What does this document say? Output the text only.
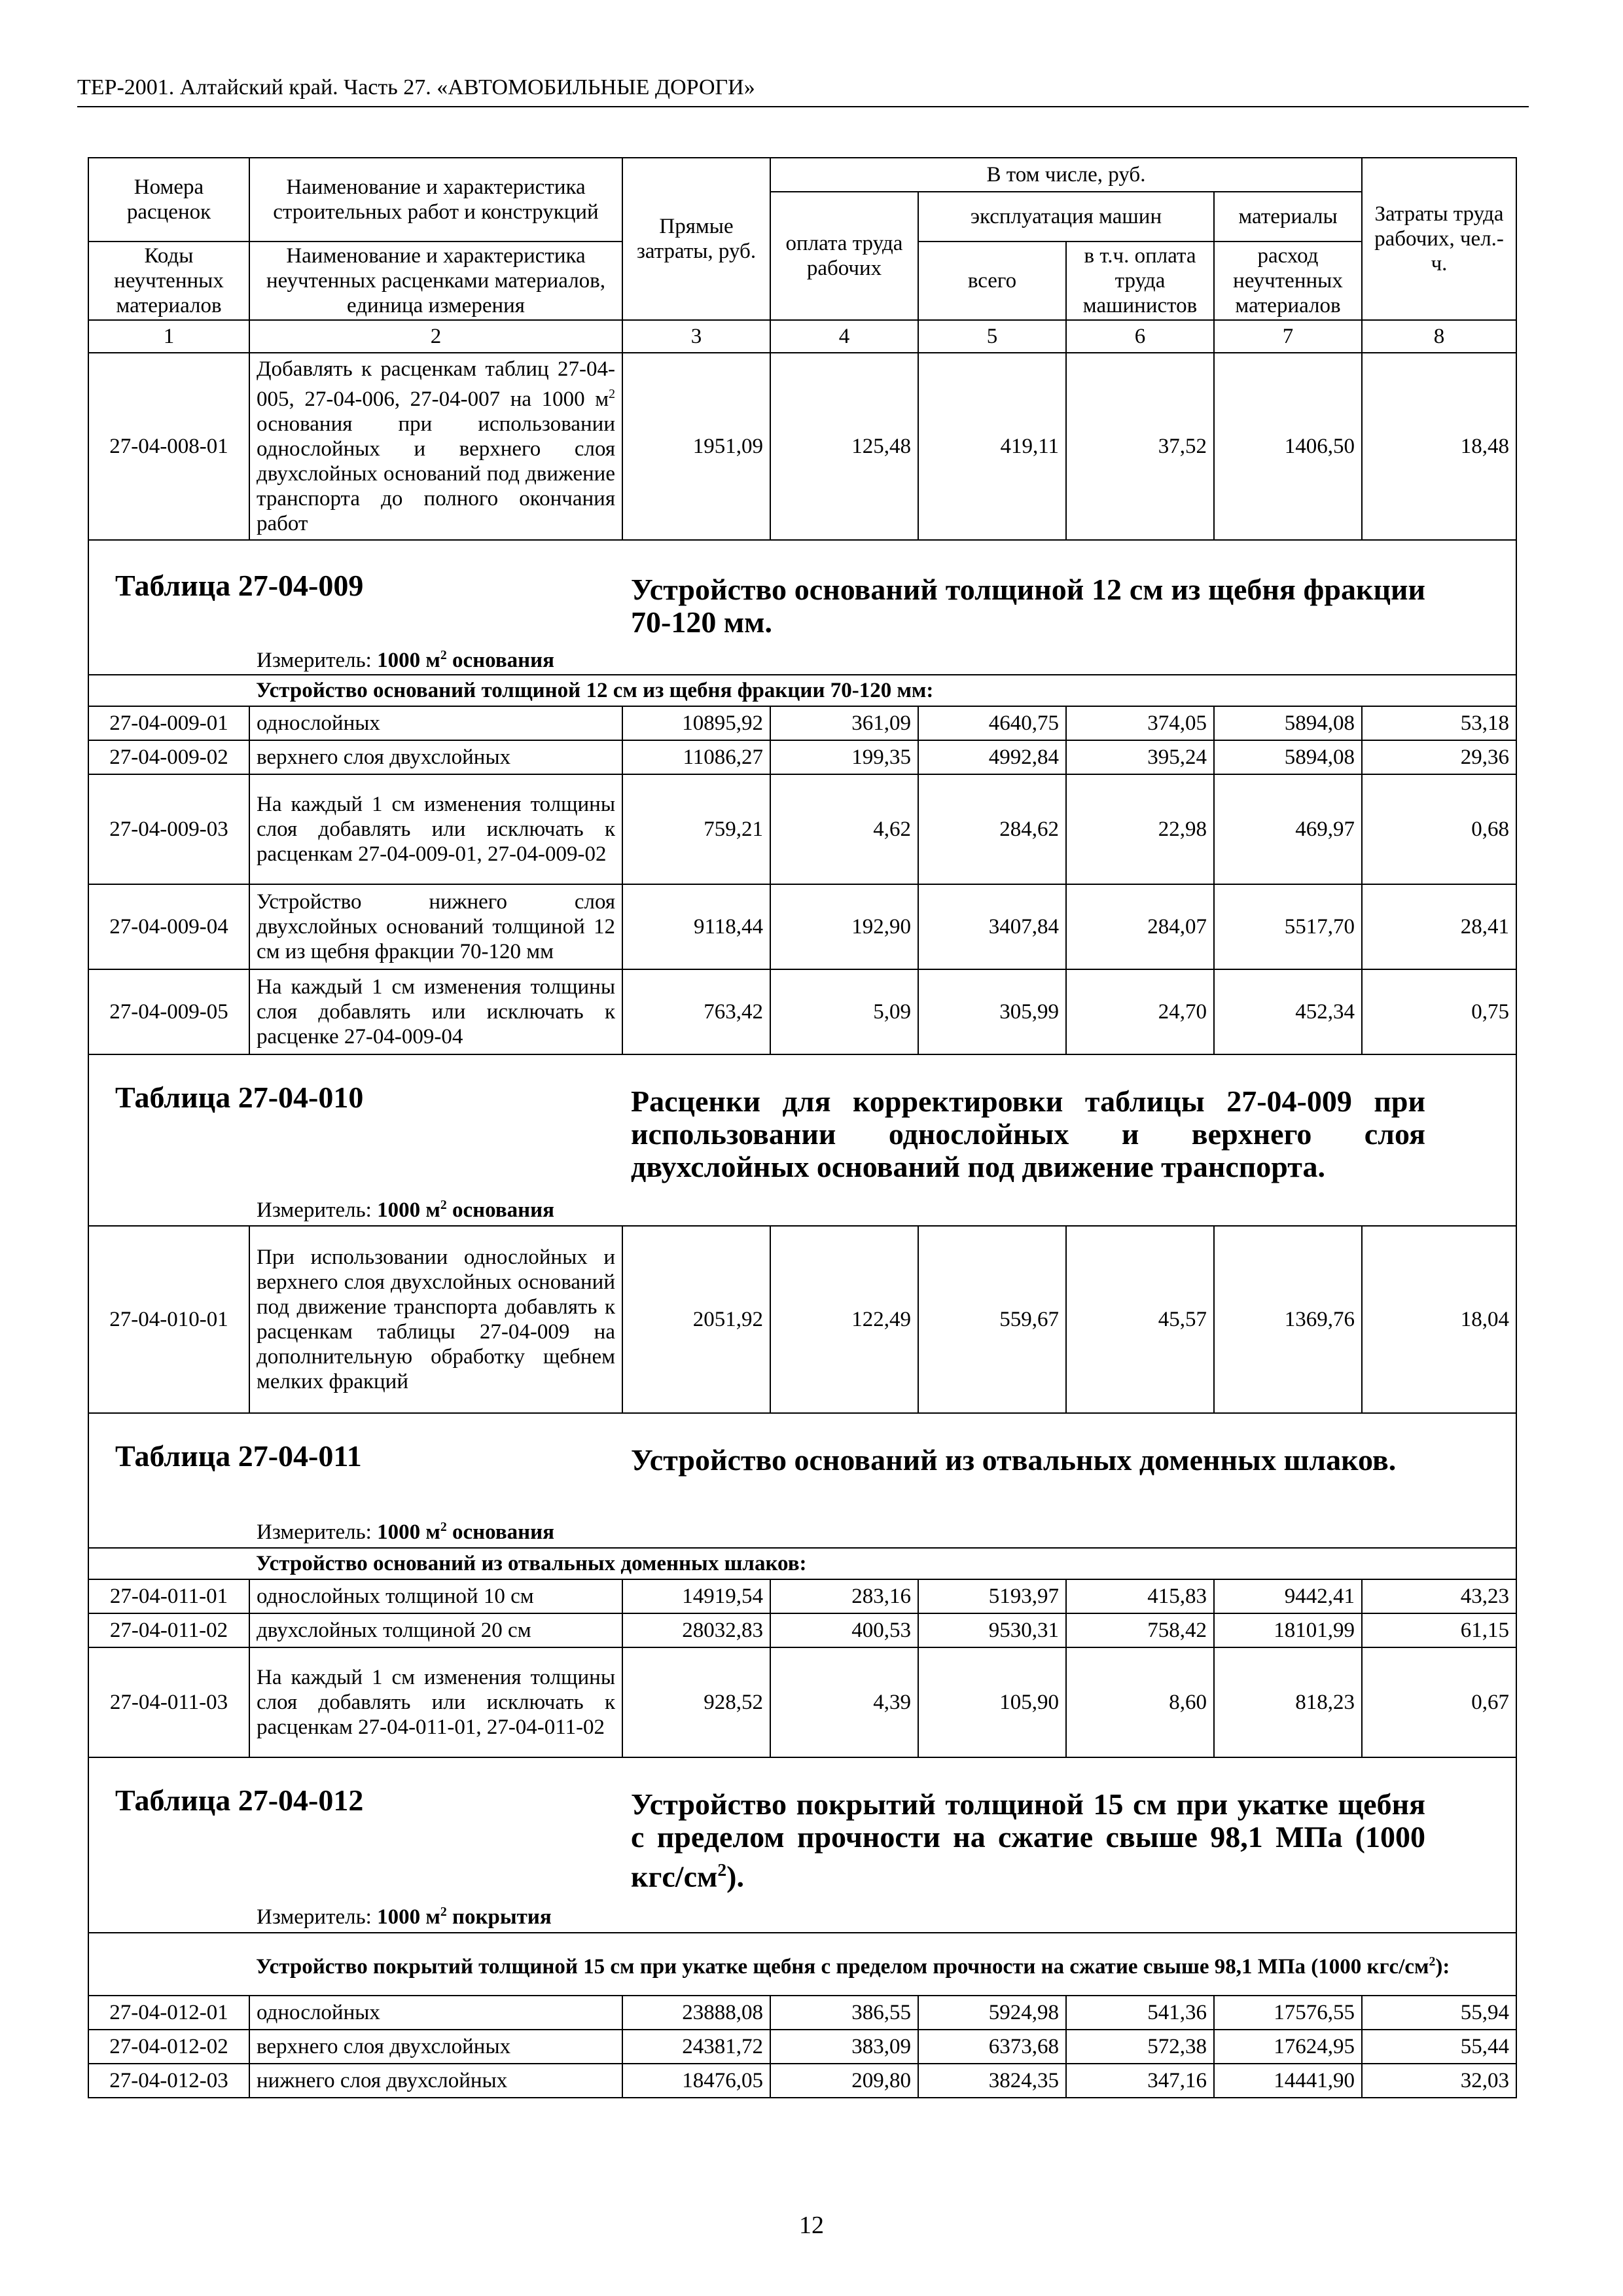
ТЕР-2001. Алтайский край. Часть 27. «АВТОМОБИЛЬНЫЕ ДОРОГИ»
Номера расценок	Наименование и характеристика строительных работ и конструкций	Прямые затраты, руб.	В том числе, руб.				Затраты труда рабочих, чел.-ч.
			оплата труда рабочих	эксплуатация машин		материалы	
Коды неучтенных материалов	Наименование и характеристика неучтенных расценками материалов, единица измерения			всего	в т.ч. оплата труда машинистов	расход неучтенных материалов	
1	2	3	4	5	6	7	8
27-04-008-01	Добавлять к расценкам таблиц 27-04-005, 27-04-006, 27-04-007 на 1000 $м^2$ основания при использовании однослойных и верхнего слоя двухслойных оснований под движение транспорта до полного окончания работ	1951,09	125,48	419,11	37,52	1406,50	18,48

Таблица 27-04-009 Устройство оснований толщиной 12 см из щебня фракции 70-120 мм.
Измеритель: 1000 $м^2$ основания							

	Устройство оснований толщиной 12 см из щебня фракции 70-120 мм:						
27-04-009-01	однослойных	10895,92	361,09	4640,75	374,05	5894,08	53,18
27-04-009-02	верхнего слоя двухслойных	11086,27	199,35	4992,84	395,24	5894,08	29,36
27-04-009-03	На каждый 1 см изменения толщины слоя добавлять или исключать к расценкам 27-04-009-01, 27-04-009-02	759,21	4,62	284,62	22,98	469,97	0,68
27-04-009-04	Устройство нижнего слоя двухслойных оснований толщиной 12 см из щебня фракции 70-120 мм	9118,44	192,90	3407,84	284,07	5517,70	28,41
27-04-009-05	На каждый 1 см изменения толщины слоя добавлять или исключать к расценке 27-04-009-04	763,42	5,09	305,99	24,70	452,34	0,75

Таблица 27-04-010 Расценки для корректировки таблицы 27-04-009 при использовании однослойных и верхнего слоя двухслойных оснований под движение транспорта.
Измеритель: 1000 $м^2$ основания							

27-04-010-01	При использовании однослойных и верхнего слоя двухслойных оснований под движение транспорта добавлять к расценкам таблицы 27-04-009 на дополнительную обработку щебнем мелких фракций	2051,92	122,49	559,67	45,57	1369,76	18,04

Таблица 27-04-011 Устройство оснований из отвальных доменных шлаков.
Измеритель: 1000 $м^2$ основания							

	Устройство оснований из отвальных доменных шлаков:						
27-04-011-01	однослойных толщиной 10 см	14919,54	283,16	5193,97	415,83	9442,41	43,23
27-04-011-02	двухслойных толщиной 20 см	28032,83	400,53	9530,31	758,42	18101,99	61,15
27-04-011-03	На каждый 1 см изменения толщины слоя добавлять или исключать к расценкам 27-04-011-01, 27-04-011-02	928,52	4,39	105,90	8,60	818,23	0,67

Таблица 27-04-012 Устройство покрытий толщиной 15 см при укатке щебня с пределом прочности на сжатие свыше 98,1 МПа (1000 кгс/$см^2$).
Измеритель: 1000 $м^2$ покрытия							

	Устройство покрытий толщиной 15 см при укатке щебня с пределом прочности на сжатие свыше 98,1 МПа (1000 кгс/$см^2$):						
27-04-012-01	однослойных	23888,08	386,55	5924,98	541,36	17576,55	55,94
27-04-012-02	верхнего слоя двухслойных	24381,72	383,09	6373,68	572,38	17624,95	55,44
27-04-012-03	нижнего слоя двухслойных	18476,05	209,80	3824,35	347,16	14441,90	32,03
12
